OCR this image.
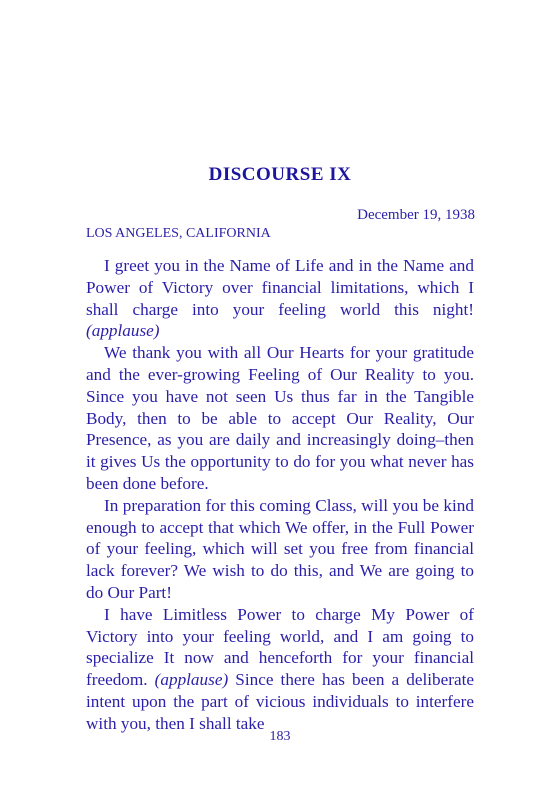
DISCOURSE IX
December 19, 1938
LOS ANGELES, CALIFORNIA

I greet you in the Name of Life and in the Name and Power of Victory over financial limitations, which I shall charge into your feeling world this night! (applause)

We thank you with all Our Hearts for your gratitude and the ever-growing Feeling of Our Reality to you. Since you have not seen Us thus far in the Tangible Body, then to be able to accept Our Reality, Our Presence, as you are daily and increasingly doing–then it gives Us the opportunity to do for you what never has been done before.

In preparation for this coming Class, will you be kind enough to accept that which We offer, in the Full Power of your feeling, which will set you free from financial lack forever? We wish to do this, and We are going to do Our Part!

I have Limitless Power to charge My Power of Victory into your feeling world, and I am going to specialize It now and henceforth for your financial freedom. (applause) Since there has been a deliberate intent upon the part of vicious individuals to interfere with you, then I shall take

183
